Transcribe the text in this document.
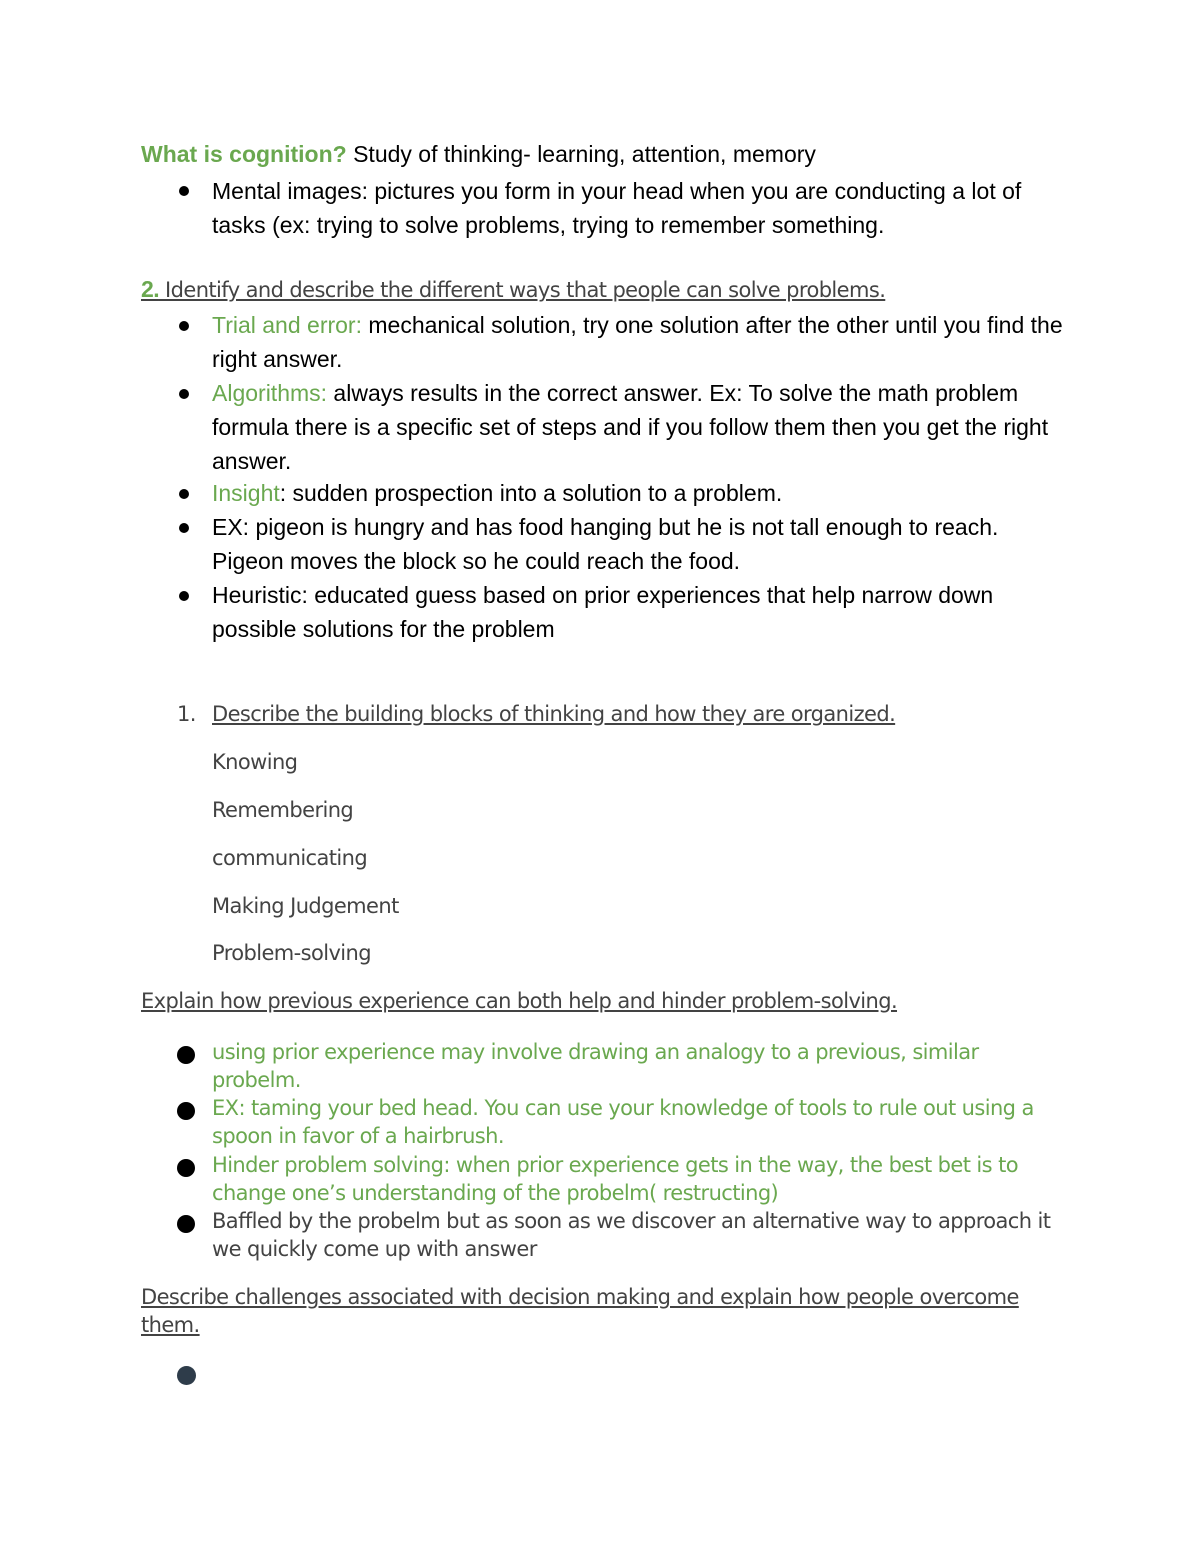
What is cognition? Study of thinking- learning, attention, memory
Mental images: pictures you form in your head when you are conducting a lot of tasks (ex: trying to solve problems, trying to remember something.
2. Identify and describe the different ways that people can solve problems.
Trial and error: mechanical solution, try one solution after the other until you find the right answer.
Algorithms: always results in the correct answer. Ex: To solve the math problem formula there is a specific set of steps and if you follow them then you get the right answer.
Insight: sudden prospection into a solution to a problem.
EX: pigeon is hungry and has food hanging but he is not tall enough to reach. Pigeon moves the block so he could reach the food.
Heuristic: educated guess based on prior experiences that help narrow down possible solutions for the problem
1. Describe the building blocks of thinking and how they are organized.
Knowing
Remembering
communicating
Making Judgement
Problem-solving
Explain how previous experience can both help and hinder problem-solving.
using prior experience may involve drawing an analogy to a previous, similar probelm.
EX: taming your bed head. You can use your knowledge of tools to rule out using a spoon in favor of a hairbrush.
Hinder problem solving: when prior experience gets in the way, the best bet is to change one’s understanding of the probelm( restructing)
Baffled by the probelm but as soon as we discover an alternative way to approach it we quickly come up with answer
Describe challenges associated with decision making and explain how people overcome them.
